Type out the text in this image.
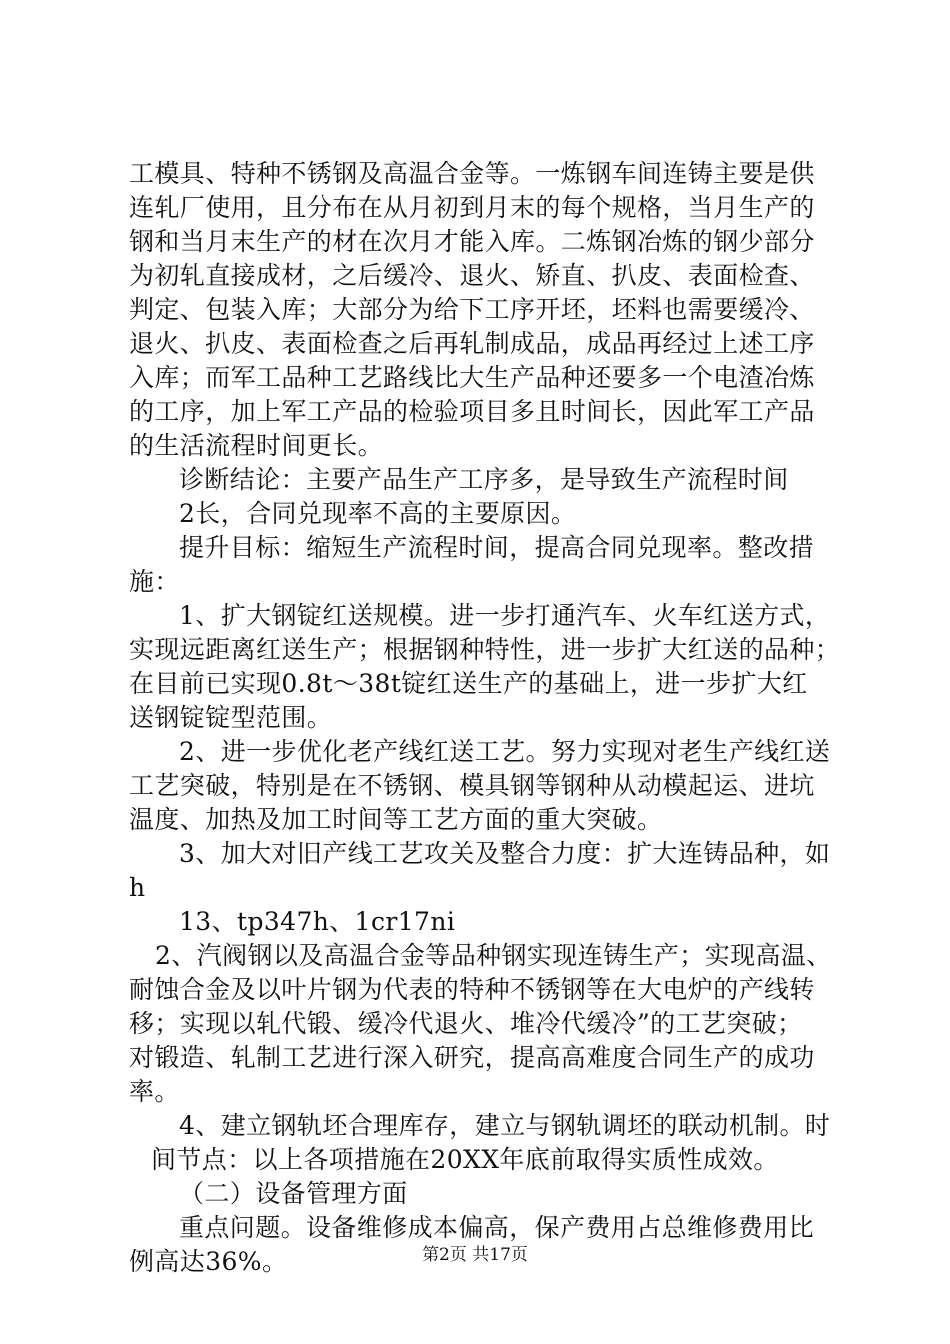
工模具、特种不锈钢及高温合金等。一炼钢车间连铸主要是供
连轧厂使用，且分布在从月初到月末的每个规格，当月生产的
钢和当月末生产的材在次月才能入库。二炼钢冶炼的钢少部分
为初轧直接成材，之后缓冷、退火、矫直、扒皮、表面检查、
判定、包装入库；大部分为给下工序开坯，坯料也需要缓冷、
退火、扒皮、表面检查之后再轧制成品，成品再经过上述工序
入库；而军工品种工艺路线比大生产品种还要多一个电渣冶炼
的工序，加上军工产品的检验项目多且时间长，因此军工产品
的生活流程时间更长。
诊断结论：主要产品生产工序多，是导致生产流程时间
2长，合同兑现率不高的主要原因。
提升目标：缩短生产流程时间，提高合同兑现率。整改措
施：
1、扩大钢锭红送规模。进一步打通汽车、火车红送方式，
实现远距离红送生产；根据钢种特性，进一步扩大红送的品种；
在目前已实现0.8t～38t锭红送生产的基础上，进一步扩大红
送钢锭锭型范围。
2、进一步优化老产线红送工艺。努力实现对老生产线红送
工艺突破，特别是在不锈钢、模具钢等钢种从动模起运、进坑
温度、加热及加工时间等工艺方面的重大突破。
3、加大对旧产线工艺攻关及整合力度：扩大连铸品种，如
h
13、tp347h、1cr17ni
2、汽阀钢以及高温合金等品种钢实现连铸生产；实现高温、
耐蚀合金及以叶片钢为代表的特种不锈钢等在大电炉的产线转
移；实现以轧代锻、缓冷代退火、堆冷代缓冷”的工艺突破；
对锻造、轧制工艺进行深入研究，提高高难度合同生产的成功
率。
4、建立钢轨坯合理库存，建立与钢轨调坯的联动机制。时
间节点：以上各项措施在20XX年底前取得实质性成效。
（二）设备管理方面
重点问题。设备维修成本偏高，保产费用占总维修费用比
例高达36%。	第2页 共17页
